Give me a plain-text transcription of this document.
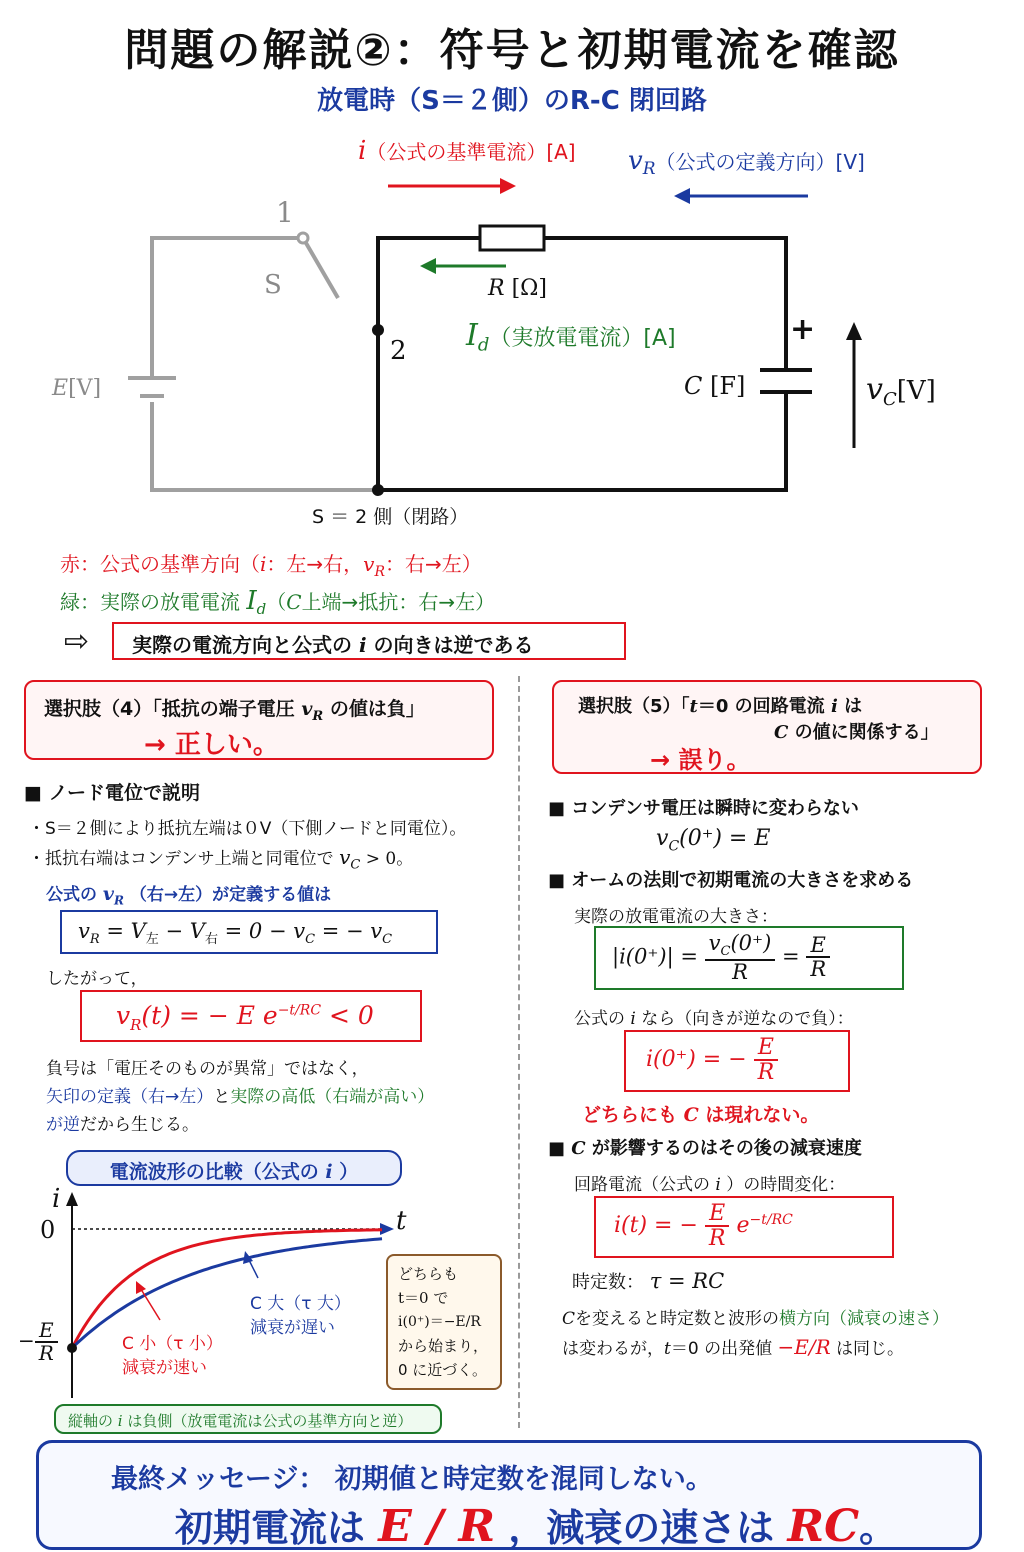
問題の解説②：符号と初期電流を確認
放電時（S＝２側）のR-C 閉回路
i（公式の基準電流）[A] $v_R$（公式の定義方向）[V]
1
S
2
R [Ω]
$I_d$（実放電電流）[A]
E[V]	C [F]
+
$v_C[V]$
S ＝ 2 側（閉路）
赤：公式の基準方向（i：左→右，$v_R$：右→左）
緑：実際の放電電流 $I_d(C$上端→抵抗：右→左）
⇨	実際の電流方向と公式の i の向きは逆である
選択肢（4）「抵抗の端子電圧 $v_R$ の値は負」
→ 正しい。
■ ノード電位で説明
・S＝２側により抵抗左端は０V（下側ノードと同電位）。
・抵抗右端はコンデンサ上端と同電位で $v_C > 0$。
公式の $v_R$ （右→左）が定義する値は
$v_R = V_左 - V_右 = 0 - v_C$ = − $v_C$
したがって，
$v_R(t)$ = − E $e^{-t/RC} < 0$
負号は「電圧そのものが異常」ではなく，
矢印の定義（右→左）と実際の高低（右端が高い）
が逆だから生じる。
電流波形の比較（公式の i ）
i
t
0
− $\frac{E}{R}$	C 小（τ 小）
減衰が速い
C 大（τ 大）
減衰が遅い
どちらも
t＝0 で
i(0⁺)＝−E/R
から始まり，
0 に近づく。
縦軸の i は負側（放電電流は公式の基準方向と逆）
選択肢（5）「t＝0 の回路電流 i は
C の値に関係する」
→ 誤り。
■ コンデンサ電圧は瞬時に変わらない
$v_C(0^+) = E$
■ オームの法則で初期電流の大きさを求める
実際の放電電流の大きさ：
$|i(0^+)| = \frac{v_C(0^+)}{R} = \frac{E}{R}$
公式の i なら（向きが逆なので負）：
i(0⁺) = − $\frac{E}{R}$
どちらにも C は現れない。
■ C が影響するのはその後の減衰速度
回路電流（公式の i ）の時間変化：
i(t) = − $\frac{E}{R} e^{-t/RC}$
時定数： τ = RC
Cを変えると時定数と波形の横方向（減衰の速さ）
は変わるが，t＝0 の出発値 −E/R は同じ。
最終メッセージ： 初期値と時定数を混同しない。
初期電流は E / R ，減衰の速さは RC。
